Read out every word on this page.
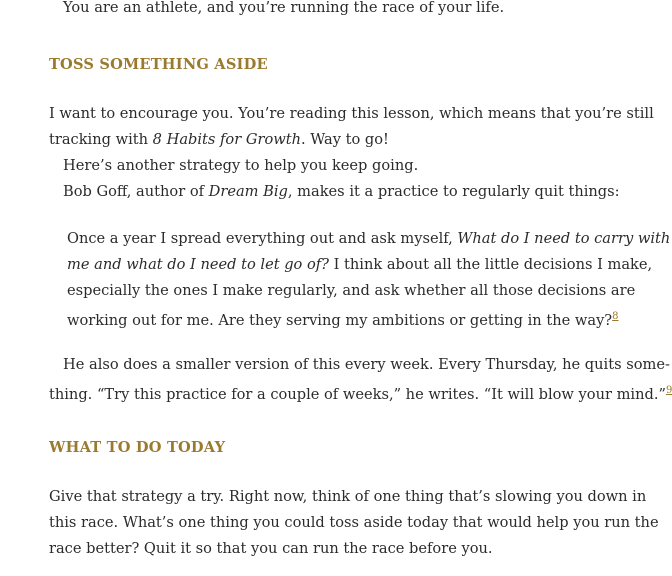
You are an athlete, and you’re running the race of your life.
TOSS SOMETHING ASIDE
I want to encourage you. You’re reading this lesson, which means that you’re still
tracking with 8 Habits for Growth. Way to go!
Here’s another strategy to help you keep going.
Bob Goff, author of Dream Big, makes it a practice to regularly quit things:
Once a year I spread everything out and ask myself, What do I need to carry with
me and what do I need to let go of? I think about all the little decisions I make,
especially the ones I make regularly, and ask whether all those decisions are
working out for me. Are they serving my ambitions or getting in the way?$^8$
He also does a smaller version of this every week. Every Thursday, he quits some-
thing. “Try this practice for a couple of weeks,” he writes. “It will blow your mind.”$^9$
WHAT TO DO TODAY
Give that strategy a try. Right now, think of one thing that’s slowing you down in
this race. What’s one thing you could toss aside today that would help you run the
race better? Quit it so that you can run the race before you.
